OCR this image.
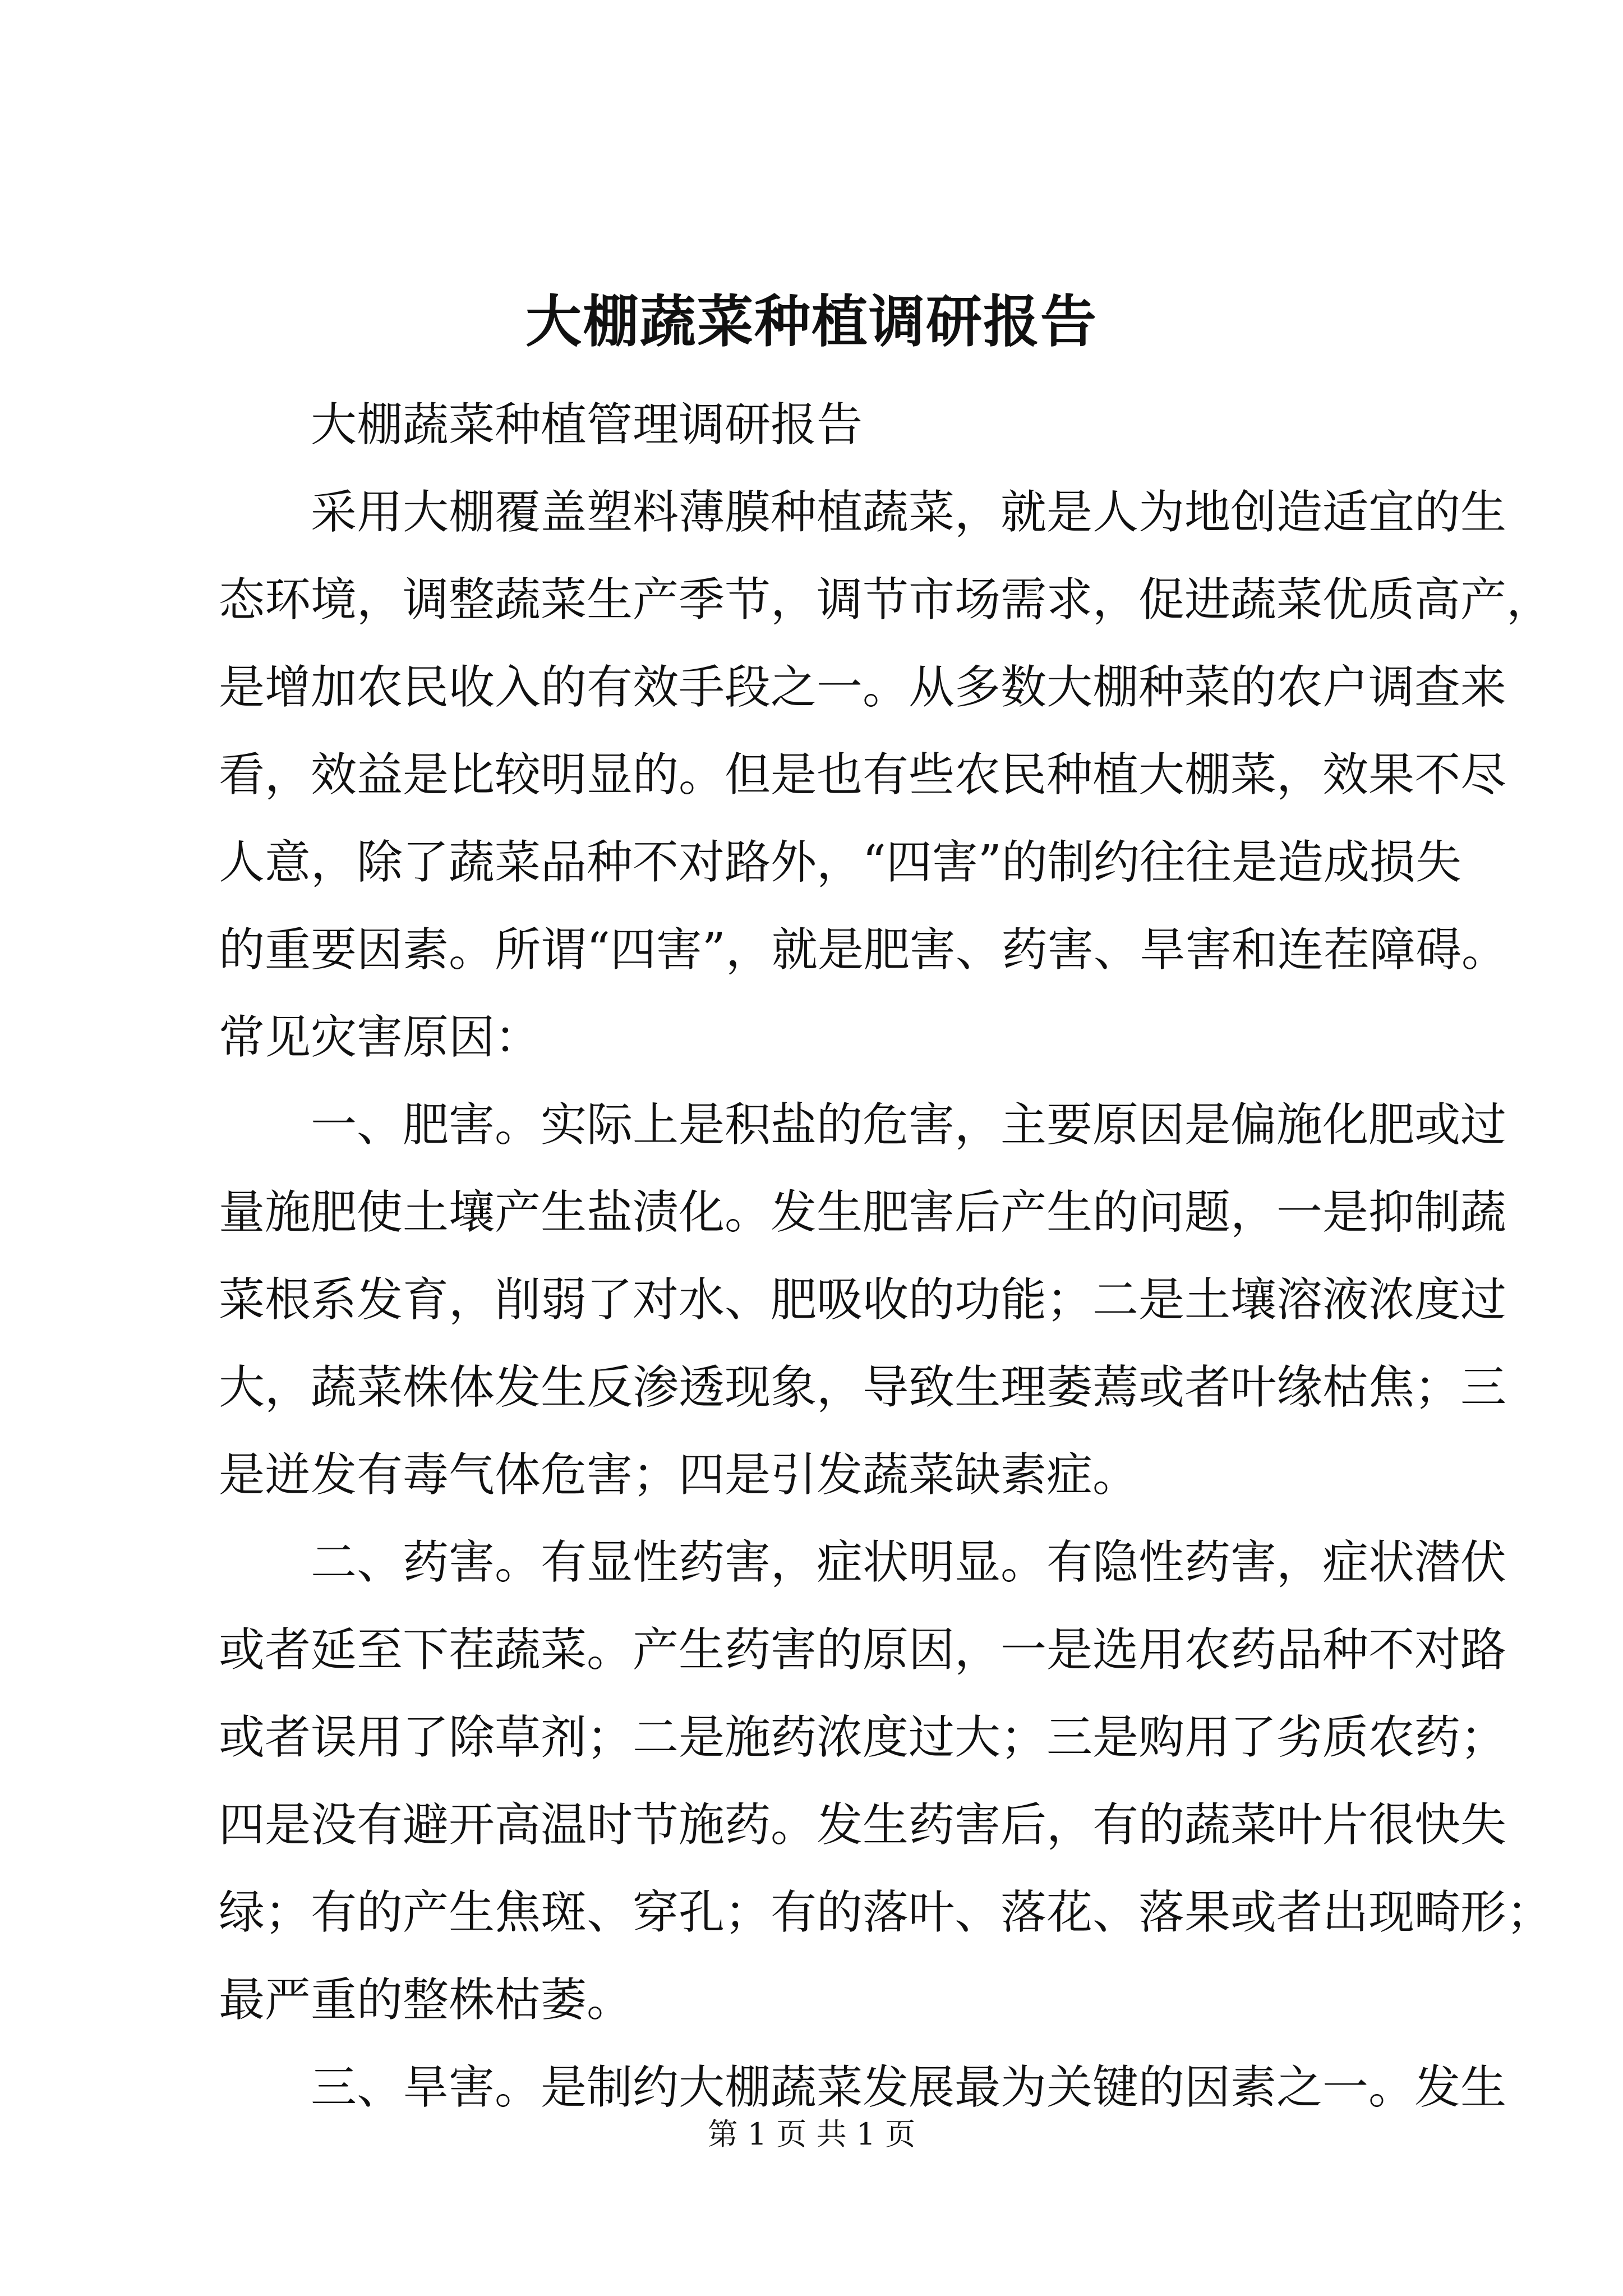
大棚蔬菜种植调研报告
大棚蔬菜种植管理调研报告
采用大棚覆盖塑料薄膜种植蔬菜，就是人为地创造适宜的生
态环境，调整蔬菜生产季节，调节市场需求，促进蔬菜优质高产，
是增加农民收入的有效手段之一。从多数大棚种菜的农户调查来
看，效益是比较明显的。但是也有些农民种植大棚菜，效果不尽
人意，除了蔬菜品种不对路外，“四害”的制约往往是造成损失
的重要因素。所谓“四害”，就是肥害、药害、旱害和连茬障碍。
常见灾害原因：
一、肥害。实际上是积盐的危害，主要原因是偏施化肥或过
量施肥使土壤产生盐渍化。发生肥害后产生的问题，一是抑制蔬
菜根系发育，削弱了对水、肥吸收的功能；二是土壤溶液浓度过
大，蔬菜株体发生反渗透现象，导致生理萎蔫或者叶缘枯焦；三
是迸发有毒气体危害；四是引发蔬菜缺素症。
二、药害。有显性药害，症状明显。有隐性药害，症状潜伏
或者延至下茬蔬菜。产生药害的原因，一是选用农药品种不对路
或者误用了除草剂；二是施药浓度过大；三是购用了劣质农药；
四是没有避开高温时节施药。发生药害后，有的蔬菜叶片很快失
绿；有的产生焦斑、穿孔；有的落叶、落花、落果或者出现畸形；
最严重的整株枯萎。
三、旱害。是制约大棚蔬菜发展最为关键的因素之一。发生
第 1 页 共 1 页
